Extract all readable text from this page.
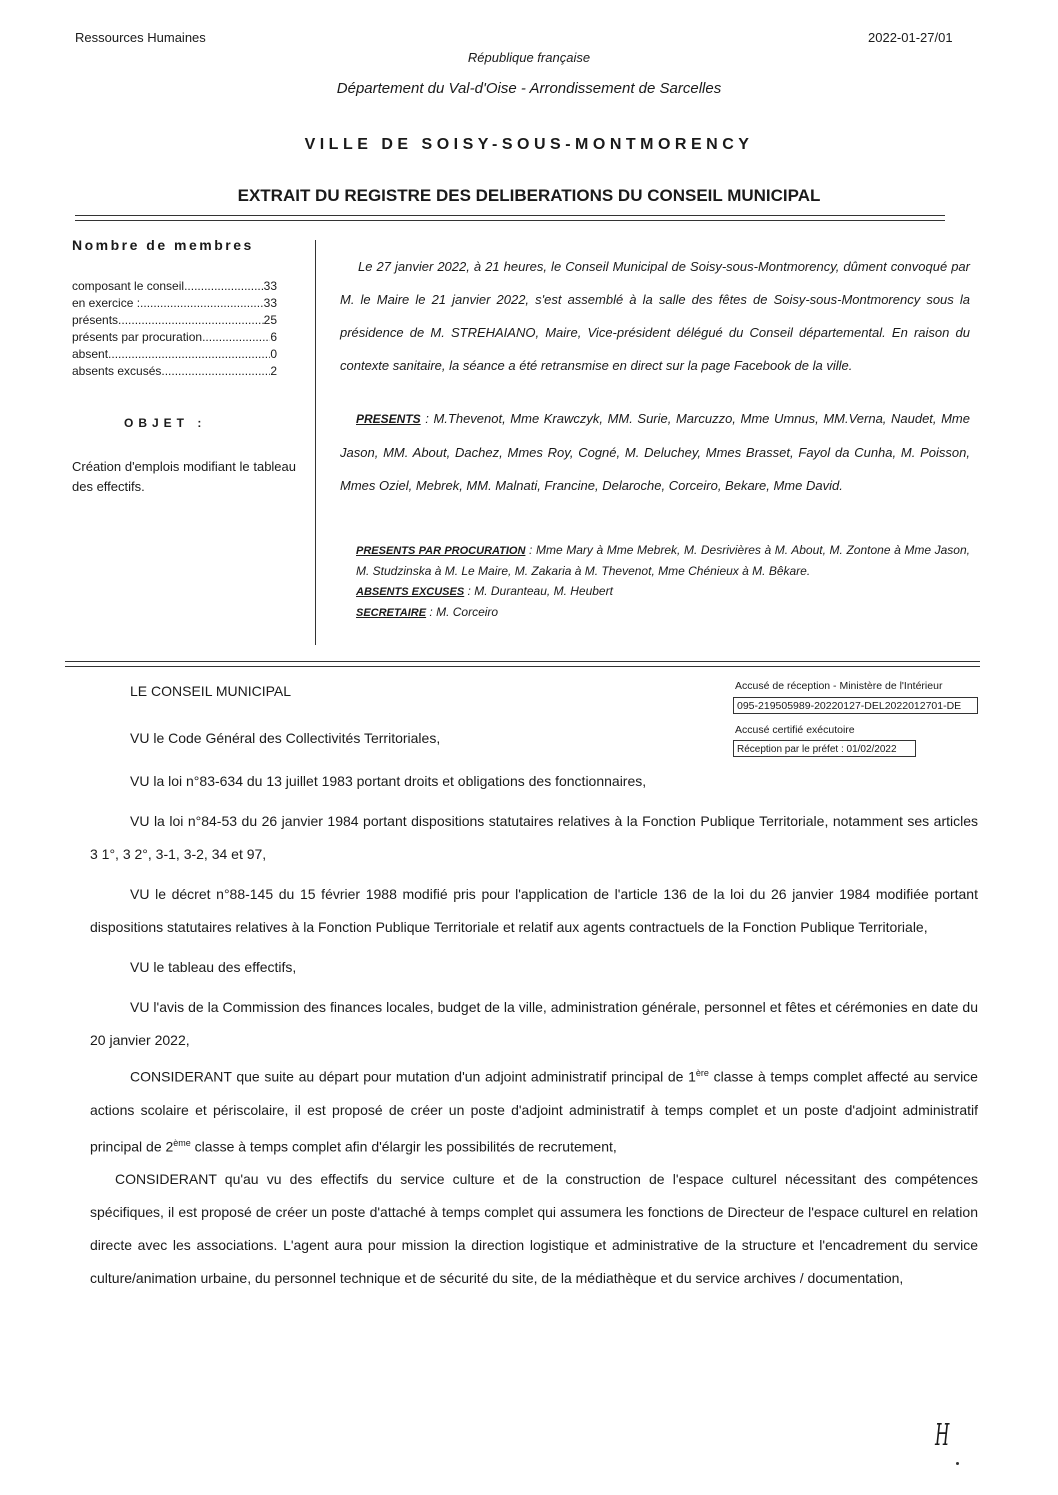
Ressources Humaines	2022-01-27/01
République française
Département du Val-d'Oise - Arrondissement de Sarcelles
VILLE DE SOISY-SOUS-MONTMORENCY
EXTRAIT DU REGISTRE DES DELIBERATIONS DU CONSEIL MUNICIPAL
Nombre de membres
composant le conseil .....	33
en exercice : .....	33
présents .....	25
présents par procuration .....	6
absent .....	0
absents excusés .....	2
OBJET :
Création d'emplois modifiant le tableau des effectifs.
Le 27 janvier 2022, à 21 heures, le Conseil Municipal de Soisy-sous-Montmorency, dûment convoqué par M. le Maire le 21 janvier 2022, s'est assemblé à la salle des fêtes de Soisy-sous-Montmorency sous la présidence de M. STREHAIANO, Maire, Vice-président délégué du Conseil départemental. En raison du contexte sanitaire, la séance a été retransmise en direct sur la page Facebook de la ville.
PRESENTS : M.Thevenot, Mme Krawczyk, MM. Surie, Marcuzzo, Mme Umnus, MM.Verna, Naudet, Mme Jason, MM. About, Dachez, Mmes Roy, Cogné, M. Deluchey, Mmes Brasset, Fayol da Cunha, M. Poisson, Mmes Oziel, Mebrek, MM. Malnati, Francine, Delaroche, Corceiro, Bekare, Mme David.
PRESENTS PAR PROCURATION : Mme Mary à Mme Mebrek, M. Desrivières à M. About, M. Zontone à Mme Jason, M. Studzinska à M. Le Maire, M. Zakaria à M. Thevenot, Mme Chénieux à M. Bêkare.
ABSENTS EXCUSES : M. Duranteau, M. Heubert
SECRETAIRE : M. Corceiro
LE CONSEIL MUNICIPAL	Accusé de réception - Ministère de l'Intérieur
095-219505989-20220127-DEL2022012701-DE
Accusé certifié exécutoire
Réception par le préfet : 01/02/2022
VU le Code Général des Collectivités Territoriales,

VU la loi n°83-634 du 13 juillet 1983 portant droits et obligations des fonctionnaires,

VU la loi n°84-53 du 26 janvier 1984 portant dispositions statutaires relatives à la Fonction Publique Territoriale, notamment ses articles 3 1°, 3 2°, 3-1, 3-2, 34 et 97,

VU le décret n°88-145 du 15 février 1988 modifié pris pour l'application de l'article 136 de la loi du 26 janvier 1984 modifiée portant dispositions statutaires relatives à la Fonction Publique Territoriale et relatif aux agents contractuels de la Fonction Publique Territoriale,

VU le tableau des effectifs,

VU l'avis de la Commission des finances locales, budget de la ville, administration générale, personnel et fêtes et cérémonies en date du 20 janvier 2022,

CONSIDERANT que suite au départ pour mutation d'un adjoint administratif principal de 1ère classe à temps complet affecté au service actions scolaire et périscolaire, il est proposé de créer un poste d'adjoint administratif à temps complet et un poste d'adjoint administratif principal de 2ème classe à temps complet afin d'élargir les possibilités de recrutement,

CONSIDERANT qu'au vu des effectifs du service culture et de la construction de l'espace culturel nécessitant des compétences spécifiques, il est proposé de créer un poste d'attaché à temps complet qui assumera les fonctions de Directeur de l'espace culturel en relation directe avec les associations. L'agent aura pour mission la direction logistique et administrative de la structure et l'encadrement du service culture/animation urbaine, du personnel technique et de sécurité du site, de la médiathèque et du service archives / documentation,

H
